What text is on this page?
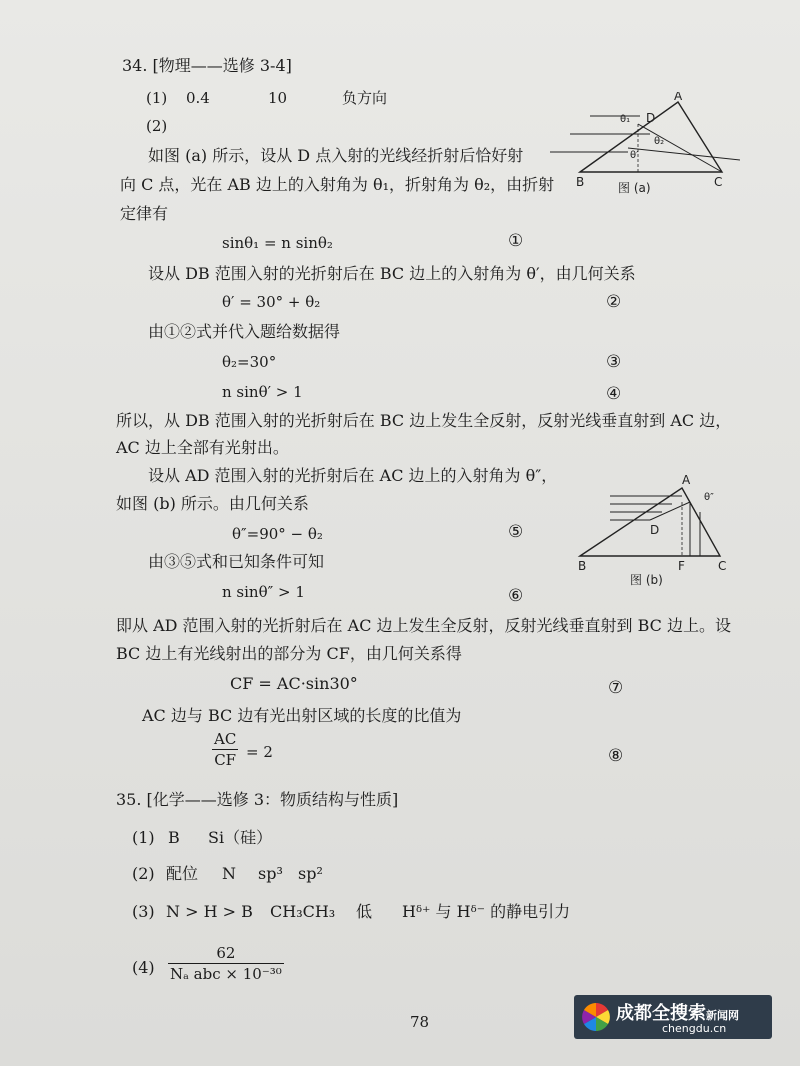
34. [物理——选修 3-4]
(1) 0.4	10	负方向
(2)
如图 (a) 所示，设从 D 点入射的光线经折射后恰好射
向 C 点，光在 AB 边上的入射角为 θ₁，折射角为 θ₂，由折射
定律有
sinθ₁ = n sinθ₂	①
设从 DB 范围入射的光折射后在 BC 边上的入射角为 θ′，由几何关系
θ′ = 30° + θ₂	②
由①②式并代入题给数据得
θ₂=30°	③
n sinθ′ > 1	④
所以，从 DB 范围入射的光折射后在 BC 边上发生全反射，反射光线垂直射到 AC 边，
AC 边上全部有光射出。
设从 AD 范围入射的光折射后在 AC 边上的入射角为 θ″，
如图 (b) 所示。由几何关系
θ″=90° − θ₂	⑤
由③⑤式和已知条件可知
n sinθ″ > 1	⑥
即从 AD 范围入射的光折射后在 AC 边上发生全反射，反射光线垂直射到 BC 边上。设
BC 边上有光线射出的部分为 CF，由几何关系得
CF = AC·sin30°	⑦
AC 边与 BC 边有光出射区域的长度的比值为
AC
CF = 2	⑧
A
B	C
D
θ₁
θ₂
θ′
图 (a)
A
B	C
D
F
θ″
图 (b)
35. [化学——选修 3：物质结构与性质]
(1) B Si（硅）
(2) 配位 N sp³ sp²
(3) N > H > B CH₃CH₃ 低 Hᵟ⁺ 与 Hᵟ⁻ 的静电引力
(4)
62
Nₐ abc × 10⁻³⁰
78	成都全搜索新闻网
chengdu.cn
